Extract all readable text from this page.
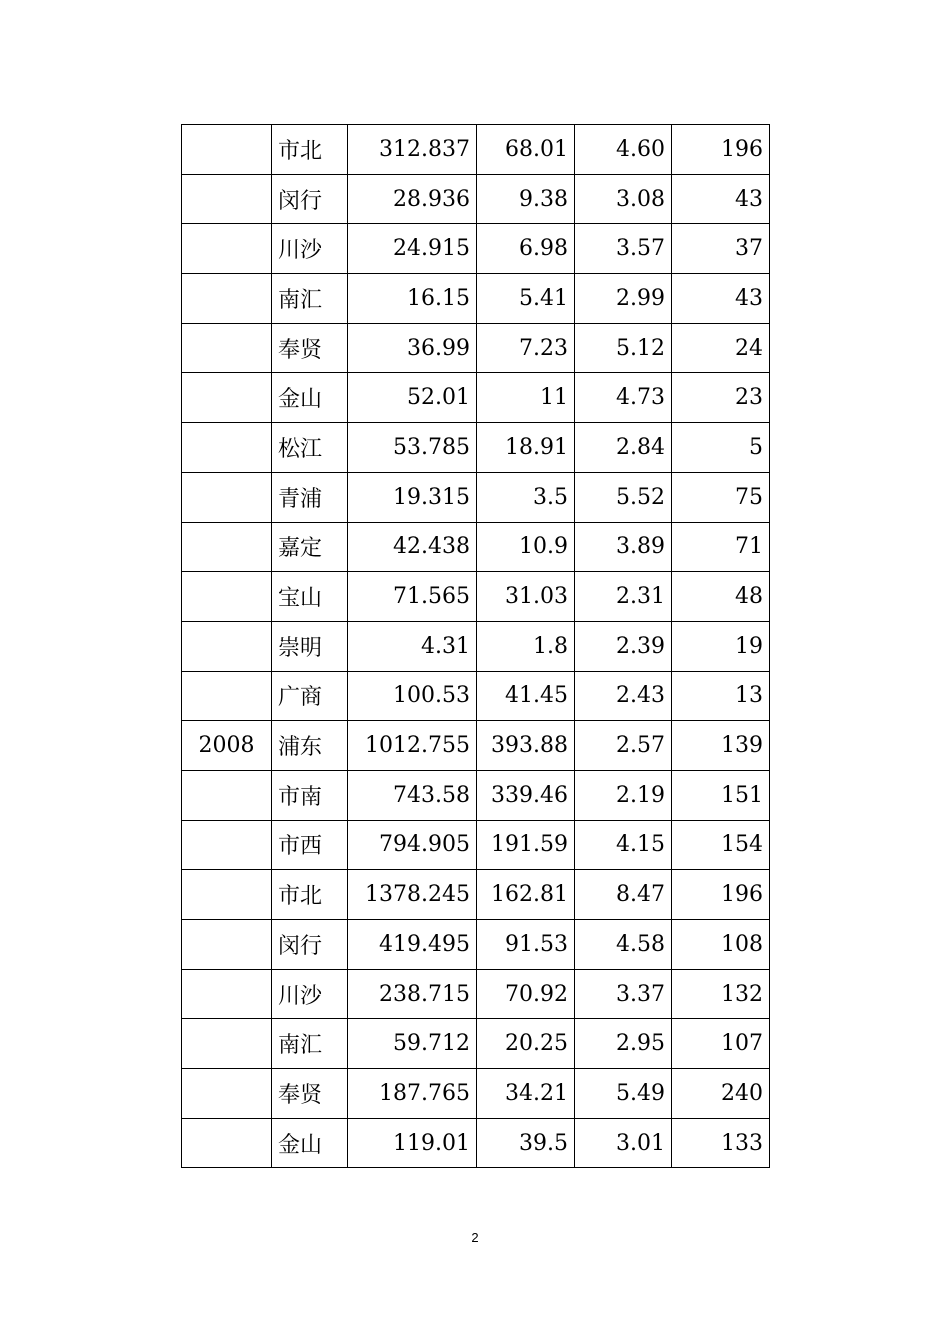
	市北	312.837	68.01	4.60	196
	闵行	28.936	9.38	3.08	43
	川沙	24.915	6.98	3.57	37
	南汇	16.15	5.41	2.99	43
	奉贤	36.99	7.23	5.12	24
	金山	52.01	11	4.73	23
	松江	53.785	18.91	2.84	5
	青浦	19.315	3.5	5.52	75
	嘉定	42.438	10.9	3.89	71
	宝山	71.565	31.03	2.31	48
	崇明	4.31	1.8	2.39	19
	广商	100.53	41.45	2.43	13
2008	浦东	1012.755	393.88	2.57	139
	市南	743.58	339.46	2.19	151
	市西	794.905	191.59	4.15	154
	市北	1378.245	162.81	8.47	196
	闵行	419.495	91.53	4.58	108
	川沙	238.715	70.92	3.37	132
	南汇	59.712	20.25	2.95	107
	奉贤	187.765	34.21	5.49	240
	金山	119.01	39.5	3.01	133
2
